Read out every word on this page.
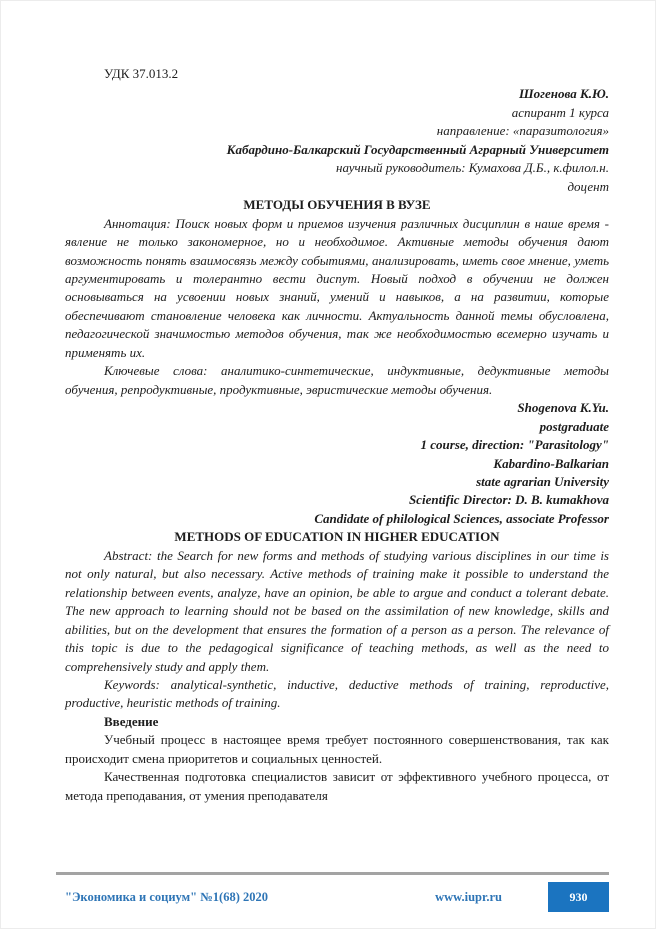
УДК 37.013.2

Шогенова К.Ю.
аспирант 1 курса
направление: «паразитология»
Кабардино-Балкарский Государственный Аграрный Университет
научный руководитель: Кумахова Д.Б., к.филол.н.
доцент

МЕТОДЫ ОБУЧЕНИЯ В ВУЗЕ

Аннотация: Поиск новых форм и приемов изучения различных дисциплин в наше время - явление не только закономерное, но и необходимое. Активные методы обучения дают возможность понять взаимосвязь между событиями, анализировать, иметь свое мнение, уметь аргументировать и толерантно вести диспут. Новый подход в обучении не должен основываться на усвоении новых знаний, умений и навыков, а на развитии, которые обеспечивают становление человека как личности. Актуальность данной темы обусловлена, педагогической значимостью методов обучения, так же необходимостью всемерно изучать и применять их.

Ключевые слова: аналитико-синтетические, индуктивные, дедуктивные методы обучения, репродуктивные, продуктивные, эвристические методы обучения.

Shogenova K.Yu.
postgraduate
1 course, direction: "Parasitology"
Kabardino-Balkarian
state agrarian University
Scientific Director: D. B. kumakhova
Candidate of philological Sciences, associate Professor

METHODS OF EDUCATION IN HIGHER EDUCATION

Abstract: the Search for new forms and methods of studying various disciplines in our time is not only natural, but also necessary. Active methods of training make it possible to understand the relationship between events, analyze, have an opinion, be able to argue and conduct a tolerant debate. The new approach to learning should not be based on the assimilation of new knowledge, skills and abilities, but on the development that ensures the formation of a person as a person. The relevance of this topic is due to the pedagogical significance of teaching methods, as well as the need to comprehensively study and apply them.

Keywords: analytical-synthetic, inductive, deductive methods of training, reproductive, productive, heuristic methods of training.

Введение

Учебный процесс в настоящее время требует постоянного совершенствования, так как происходит смена приоритетов и социальных ценностей.

Качественная подготовка специалистов зависит от эффективного учебного процесса, от метода преподавания, от умения преподавателя

"Экономика и социум" №1(68) 2020	www.iupr.ru	930
